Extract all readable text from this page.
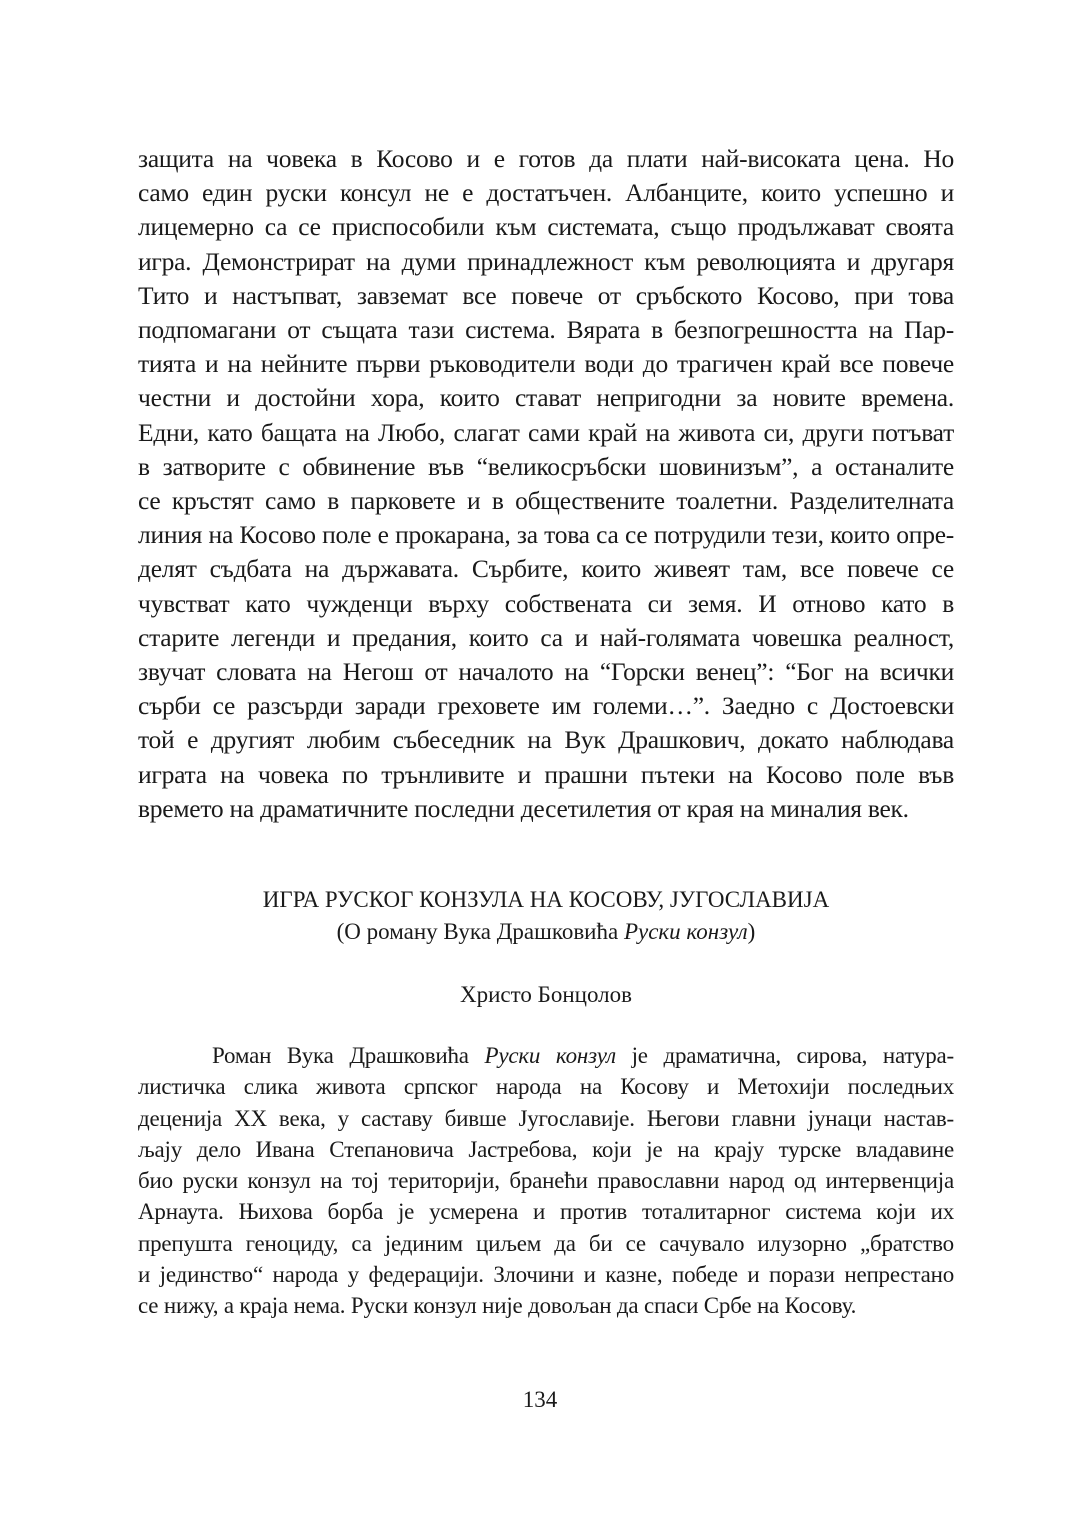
защита на човека в Косово и е готов да плати най-високата цена. Но
само един руски консул не е достатъчен. Албанците, които успешно и
лицемерно са се приспособили към системата, също продължават своята
игра. Демонстрират на думи принадлежност към революцията и другаря
Тито и настъпват, завземат все повече от сръбското Косово, при това
подпомагани от същата тази система. Вярата в безпогрешността на Пар-
тията и на нейните първи ръководители води до трагичен край все повече
честни и достойни хора, които стават непригодни за новите времена.
Едни, като бащата на Любо, слагат сами край на живота си, други потъват
в затворите с обвинение във “великосръбски шовинизъм”, а останалите
се кръстят само в парковете и в обществените тоалетни. Разделителната
линия на Косово поле е прокарана, за това са се потрудили тези, които опре-
делят съдбата на държавата. Сърбите, които живеят там, все повече се
чувстват като чужденци върху собствената си земя. И отново като в
старите легенди и предания, които са и най-голямата човешка реалност,
звучат словата на Негош от началото на “Горски венец”: “Бог на всички
сърби се разсърди заради греховете им големи…”. Заедно с Достоевски
той е другият любим събеседник на Вук Драшкович, докато наблюдава
играта на човека по трънливите и прашни пътеки на Косово поле във
времето на драматичните последни десетилетия от края на миналия век.
ИГРА РУСКОГ КОНЗУЛА НА КОСОВУ, ЈУГОСЛАВИЈА
(О роману Вука Драшковића Руски конзул)
Христо Бонцолов
Роман Вука Драшковића Руски конзул је драматична, сирова, натура-
листичка слика живота српског народа на Косову и Метохији последњих
деценија XX века, у саставу бивше Југославије. Његови главни јунаци настав-
љају дело Ивана Степановича Јастребова, који је на крају турске владавине
био руски конзул на тој територији, бранећи православни народ од интервенција
Арнаута. Њихова борба је усмерена и против тоталитарног система који их
препушта геноциду, са јединим циљем да би се сачувало илузорно „братство
и јединство“ народа у федерацији. Злочини и казне, победе и порази непрестано
се нижу, а краја нема. Руски конзул није довољан да спаси Србе на Косову.
134
